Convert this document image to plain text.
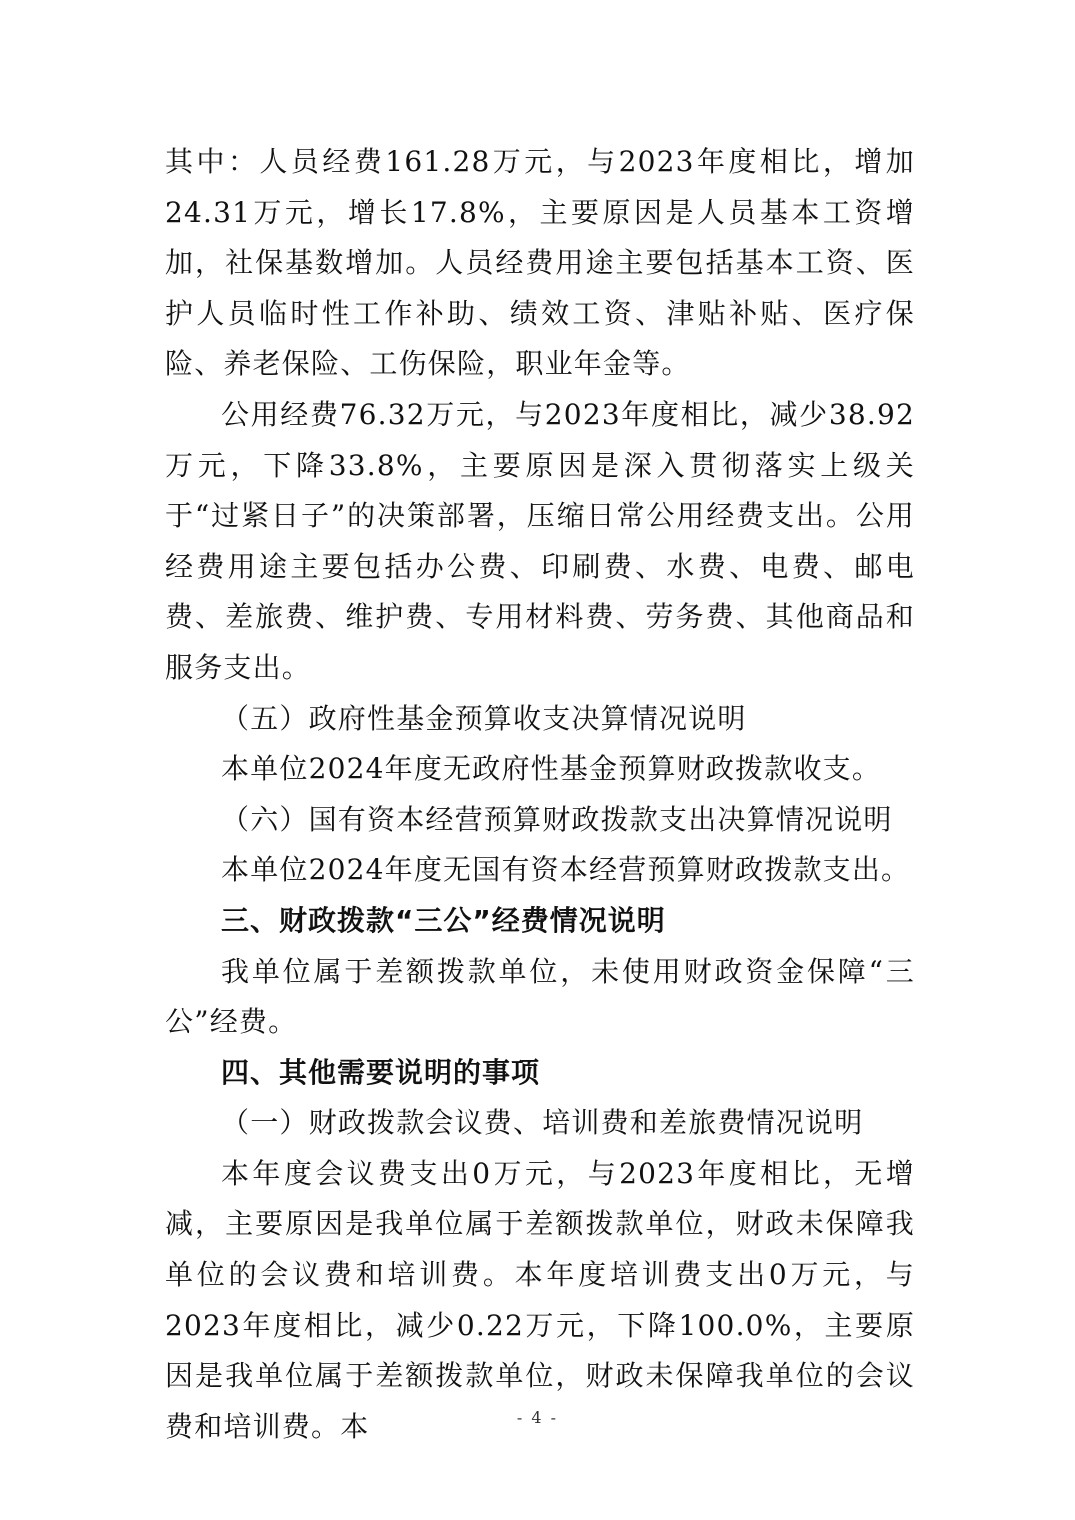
其中：人员经费161.28万元，与2023年度相比，增加24.31万元，增长17.8%，主要原因是人员基本工资增加，社保基数增加。人员经费用途主要包括基本工资、医护人员临时性工作补助、绩效工资、津贴补贴、医疗保险、养老保险、工伤保险，职业年金等。

公用经费76.32万元，与2023年度相比，减少38.92万元，下降33.8%，主要原因是深入贯彻落实上级关于“过紧日子”的决策部署，压缩日常公用经费支出。公用经费用途主要包括办公费、印刷费、水费、电费、邮电费、差旅费、维护费、专用材料费、劳务费、其他商品和服务支出。

（五）政府性基金预算收支决算情况说明

本单位2024年度无政府性基金预算财政拨款收支。

（六）国有资本经营预算财政拨款支出决算情况说明

本单位2024年度无国有资本经营预算财政拨款支出。

三、财政拨款“三公”经费情况说明

我单位属于差额拨款单位，未使用财政资金保障“三公”经费。

四、其他需要说明的事项

（一）财政拨款会议费、培训费和差旅费情况说明

本年度会议费支出0万元，与2023年度相比，无增减，主要原因是我单位属于差额拨款单位，财政未保障我单位的会议费和培训费。本年度培训费支出0万元，与2023年度相比，减少0.22万元，下降100.0%，主要原因是我单位属于差额拨款单位，财政未保障我单位的会议费和培训费。本	- 4 -
